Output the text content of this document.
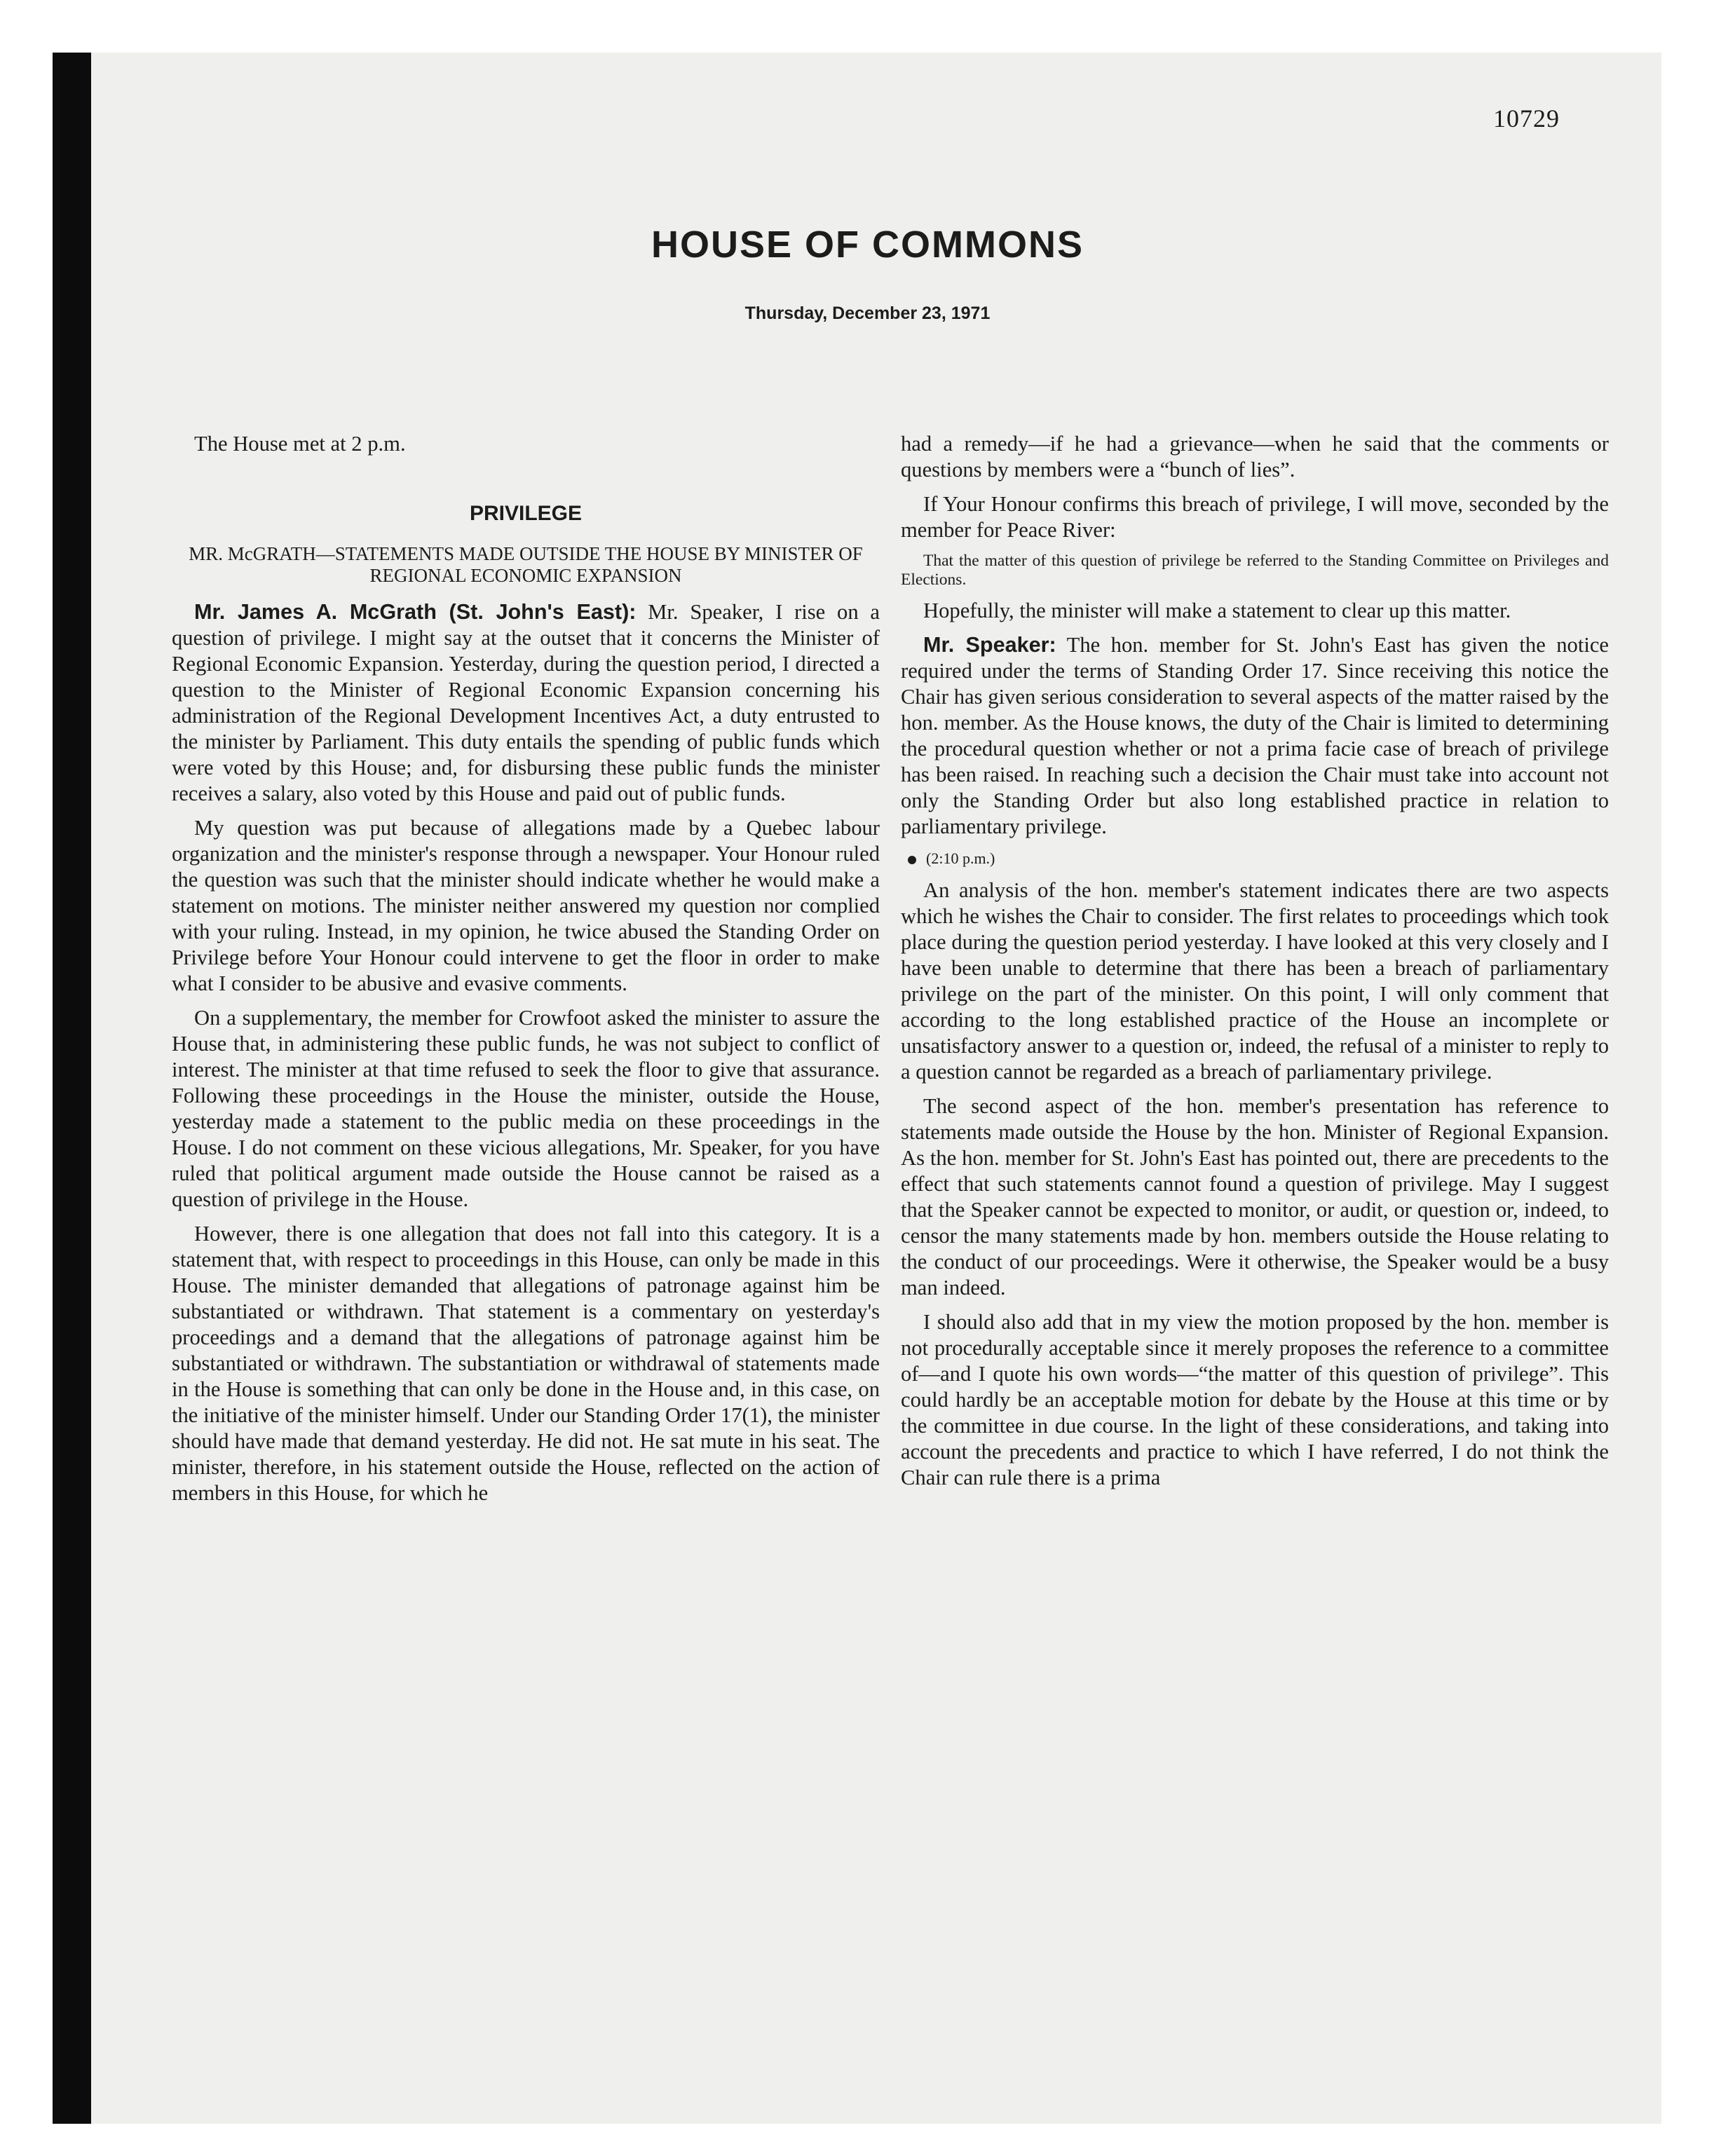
10729
HOUSE OF COMMONS
Thursday, December 23, 1971

The House met at 2 p.m.

PRIVILEGE
MR. McGRATH—STATEMENTS MADE OUTSIDE THE HOUSE BY MINISTER OF REGIONAL ECONOMIC EXPANSION

Mr. James A. McGrath (St. John's East): Mr. Speaker, I rise on a question of privilege. I might say at the outset that it concerns the Minister of Regional Economic Expansion. Yesterday, during the question period, I directed a question to the Minister of Regional Economic Expansion concerning his administration of the Regional Development Incentives Act, a duty entrusted to the minister by Parliament. This duty entails the spending of public funds which were voted by this House; and, for disbursing these public funds the minister receives a salary, also voted by this House and paid out of public funds.

My question was put because of allegations made by a Quebec labour organization and the minister's response through a newspaper. Your Honour ruled the question was such that the minister should indicate whether he would make a statement on motions. The minister neither answered my question nor complied with your ruling. Instead, in my opinion, he twice abused the Standing Order on Privilege before Your Honour could intervene to get the floor in order to make what I consider to be abusive and evasive comments.

On a supplementary, the member for Crowfoot asked the minister to assure the House that, in administering these public funds, he was not subject to conflict of interest. The minister at that time refused to seek the floor to give that assurance. Following these proceedings in the House the minister, outside the House, yesterday made a statement to the public media on these proceedings in the House. I do not comment on these vicious allegations, Mr. Speaker, for you have ruled that political argument made outside the House cannot be raised as a question of privilege in the House.

However, there is one allegation that does not fall into this category. It is a statement that, with respect to proceedings in this House, can only be made in this House. The minister demanded that allegations of patronage against him be substantiated or withdrawn. That statement is a commentary on yesterday's proceedings and a demand that the allegations of patronage against him be substantiated or withdrawn. The substantiation or withdrawal of statements made in the House is something that can only be done in the House and, in this case, on the initiative of the minister himself. Under our Standing Order 17(1), the minister should have made that demand yesterday. He did not. He sat mute in his seat. The minister, therefore, in his statement outside the House, reflected on the action of members in this House, for which he

had a remedy—if he had a grievance—when he said that the comments or questions by members were a “bunch of lies”.

If Your Honour confirms this breach of privilege, I will move, seconded by the member for Peace River:

That the matter of this question of privilege be referred to the Standing Committee on Privileges and Elections.

Hopefully, the minister will make a statement to clear up this matter.

Mr. Speaker: The hon. member for St. John's East has given the notice required under the terms of Standing Order 17. Since receiving this notice the Chair has given serious consideration to several aspects of the matter raised by the hon. member. As the House knows, the duty of the Chair is limited to determining the procedural question whether or not a prima facie case of breach of privilege has been raised. In reaching such a decision the Chair must take into account not only the Standing Order but also long established practice in relation to parliamentary privilege.

(2:10 p.m.)

An analysis of the hon. member's statement indicates there are two aspects which he wishes the Chair to consider. The first relates to proceedings which took place during the question period yesterday. I have looked at this very closely and I have been unable to determine that there has been a breach of parliamentary privilege on the part of the minister. On this point, I will only comment that according to the long established practice of the House an incomplete or unsatisfactory answer to a question or, indeed, the refusal of a minister to reply to a question cannot be regarded as a breach of parliamentary privilege.

The second aspect of the hon. member's presentation has reference to statements made outside the House by the hon. Minister of Regional Expansion. As the hon. member for St. John's East has pointed out, there are precedents to the effect that such statements cannot found a question of privilege. May I suggest that the Speaker cannot be expected to monitor, or audit, or question or, indeed, to censor the many statements made by hon. members outside the House relating to the conduct of our proceedings. Were it otherwise, the Speaker would be a busy man indeed.

I should also add that in my view the motion proposed by the hon. member is not procedurally acceptable since it merely proposes the reference to a committee of—and I quote his own words—“the matter of this question of privilege”. This could hardly be an acceptable motion for debate by the House at this time or by the committee in due course. In the light of these considerations, and taking into account the precedents and practice to which I have referred, I do not think the Chair can rule there is a prima
